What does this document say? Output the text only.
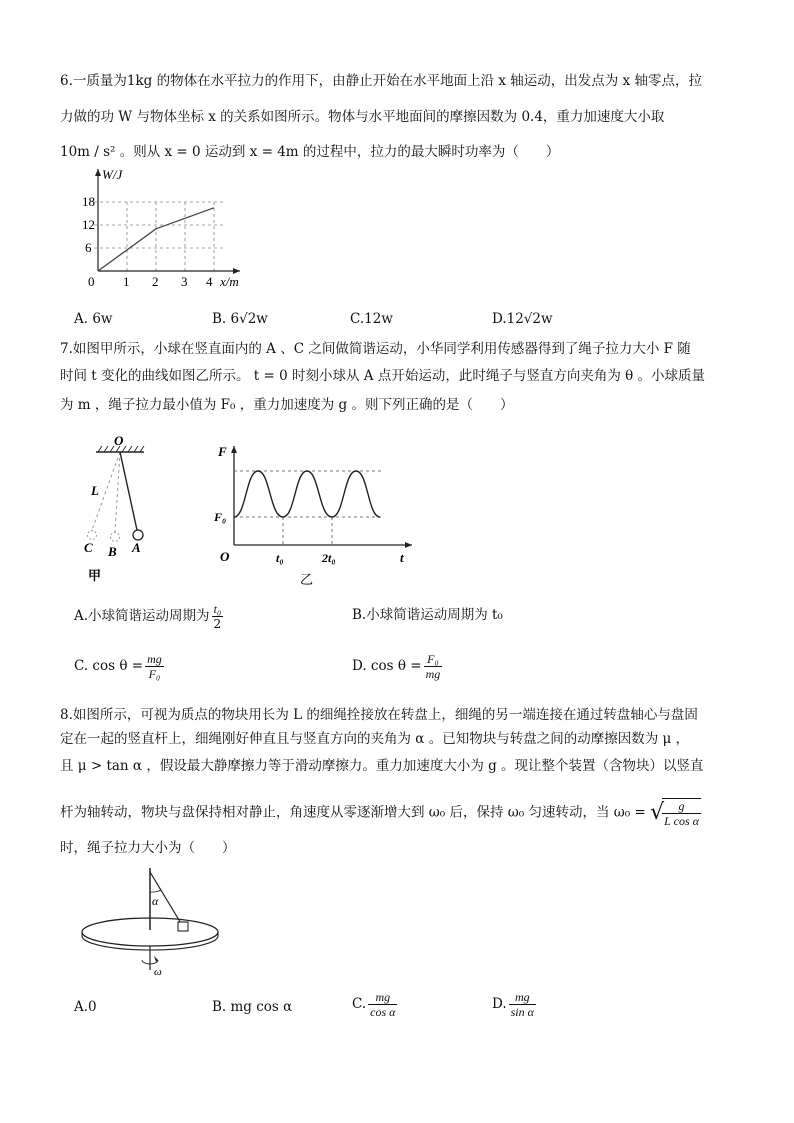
6.一质量为1kg 的物体在水平拉力的作用下，由静止开始在水平地面上沿 x 轴运动，出发点为 x 轴零点，拉
力做的功 W 与物体坐标 x 的关系如图所示。物体与水平地面间的摩擦因数为 0.4，重力加速度大小取
10m / s² 。则从 x = 0 运动到 x = 4m 的过程中，拉力的最大瞬时功率为（　　）
W/J
18
12
6
0 1 2 3 4 x/m
A. 6w	B. 6√2w	C.12w	D.12√2w
7.如图甲所示，小球在竖直面内的 A 、C 之间做简谐运动，小华同学利用传感器得到了绳子拉力大小 F 随
时间 t 变化的曲线如图乙所示。 t = 0 时刻小球从 A 点开始运动，此时绳子与竖直方向夹角为 θ 。小球质量
为 m ，绳子拉力最小值为 F₀ ，重力加速度为 g 。则下列正确的是（　　）
O
L
C B A
甲
F
F₀
O	t₀	2t₀	t
乙
A.小球简谐运动周期为 $\frac{\text{t₀}}{2}$	B.小球简谐运动周期为 t₀
C. $\cos \theta = \frac{mg}{\text{F₀}}$	D. $\cos \theta = \frac{\text{F₀}}{mg}$
8.如图所示，可视为质点的物块用长为 L 的细绳拴接放在转盘上，细绳的另一端连接在通过转盘轴心与盘固
定在一起的竖直杆上，细绳刚好伸直且与竖直方向的夹角为 α 。已知物块与转盘之间的动摩擦因数为 μ ，
且 μ > tan α ，假设最大静摩擦力等于滑动摩擦力。重力加速度大小为 g 。现让整个装置（含物块）以竖直
杆为轴转动，物块与盘保持相对静止，角速度从零逐渐增大到 ω₀ 后，保持 ω₀ 匀速转动，当 ω₀ = √
$\frac{g}{\text{L cos α}}$
时，绳子拉力大小为（　　）
α
ω
A.0	B. mg cos α	C. $\frac{mg}{\text{cos α}}$	D. $\frac{mg}{\text{sin α}}$
